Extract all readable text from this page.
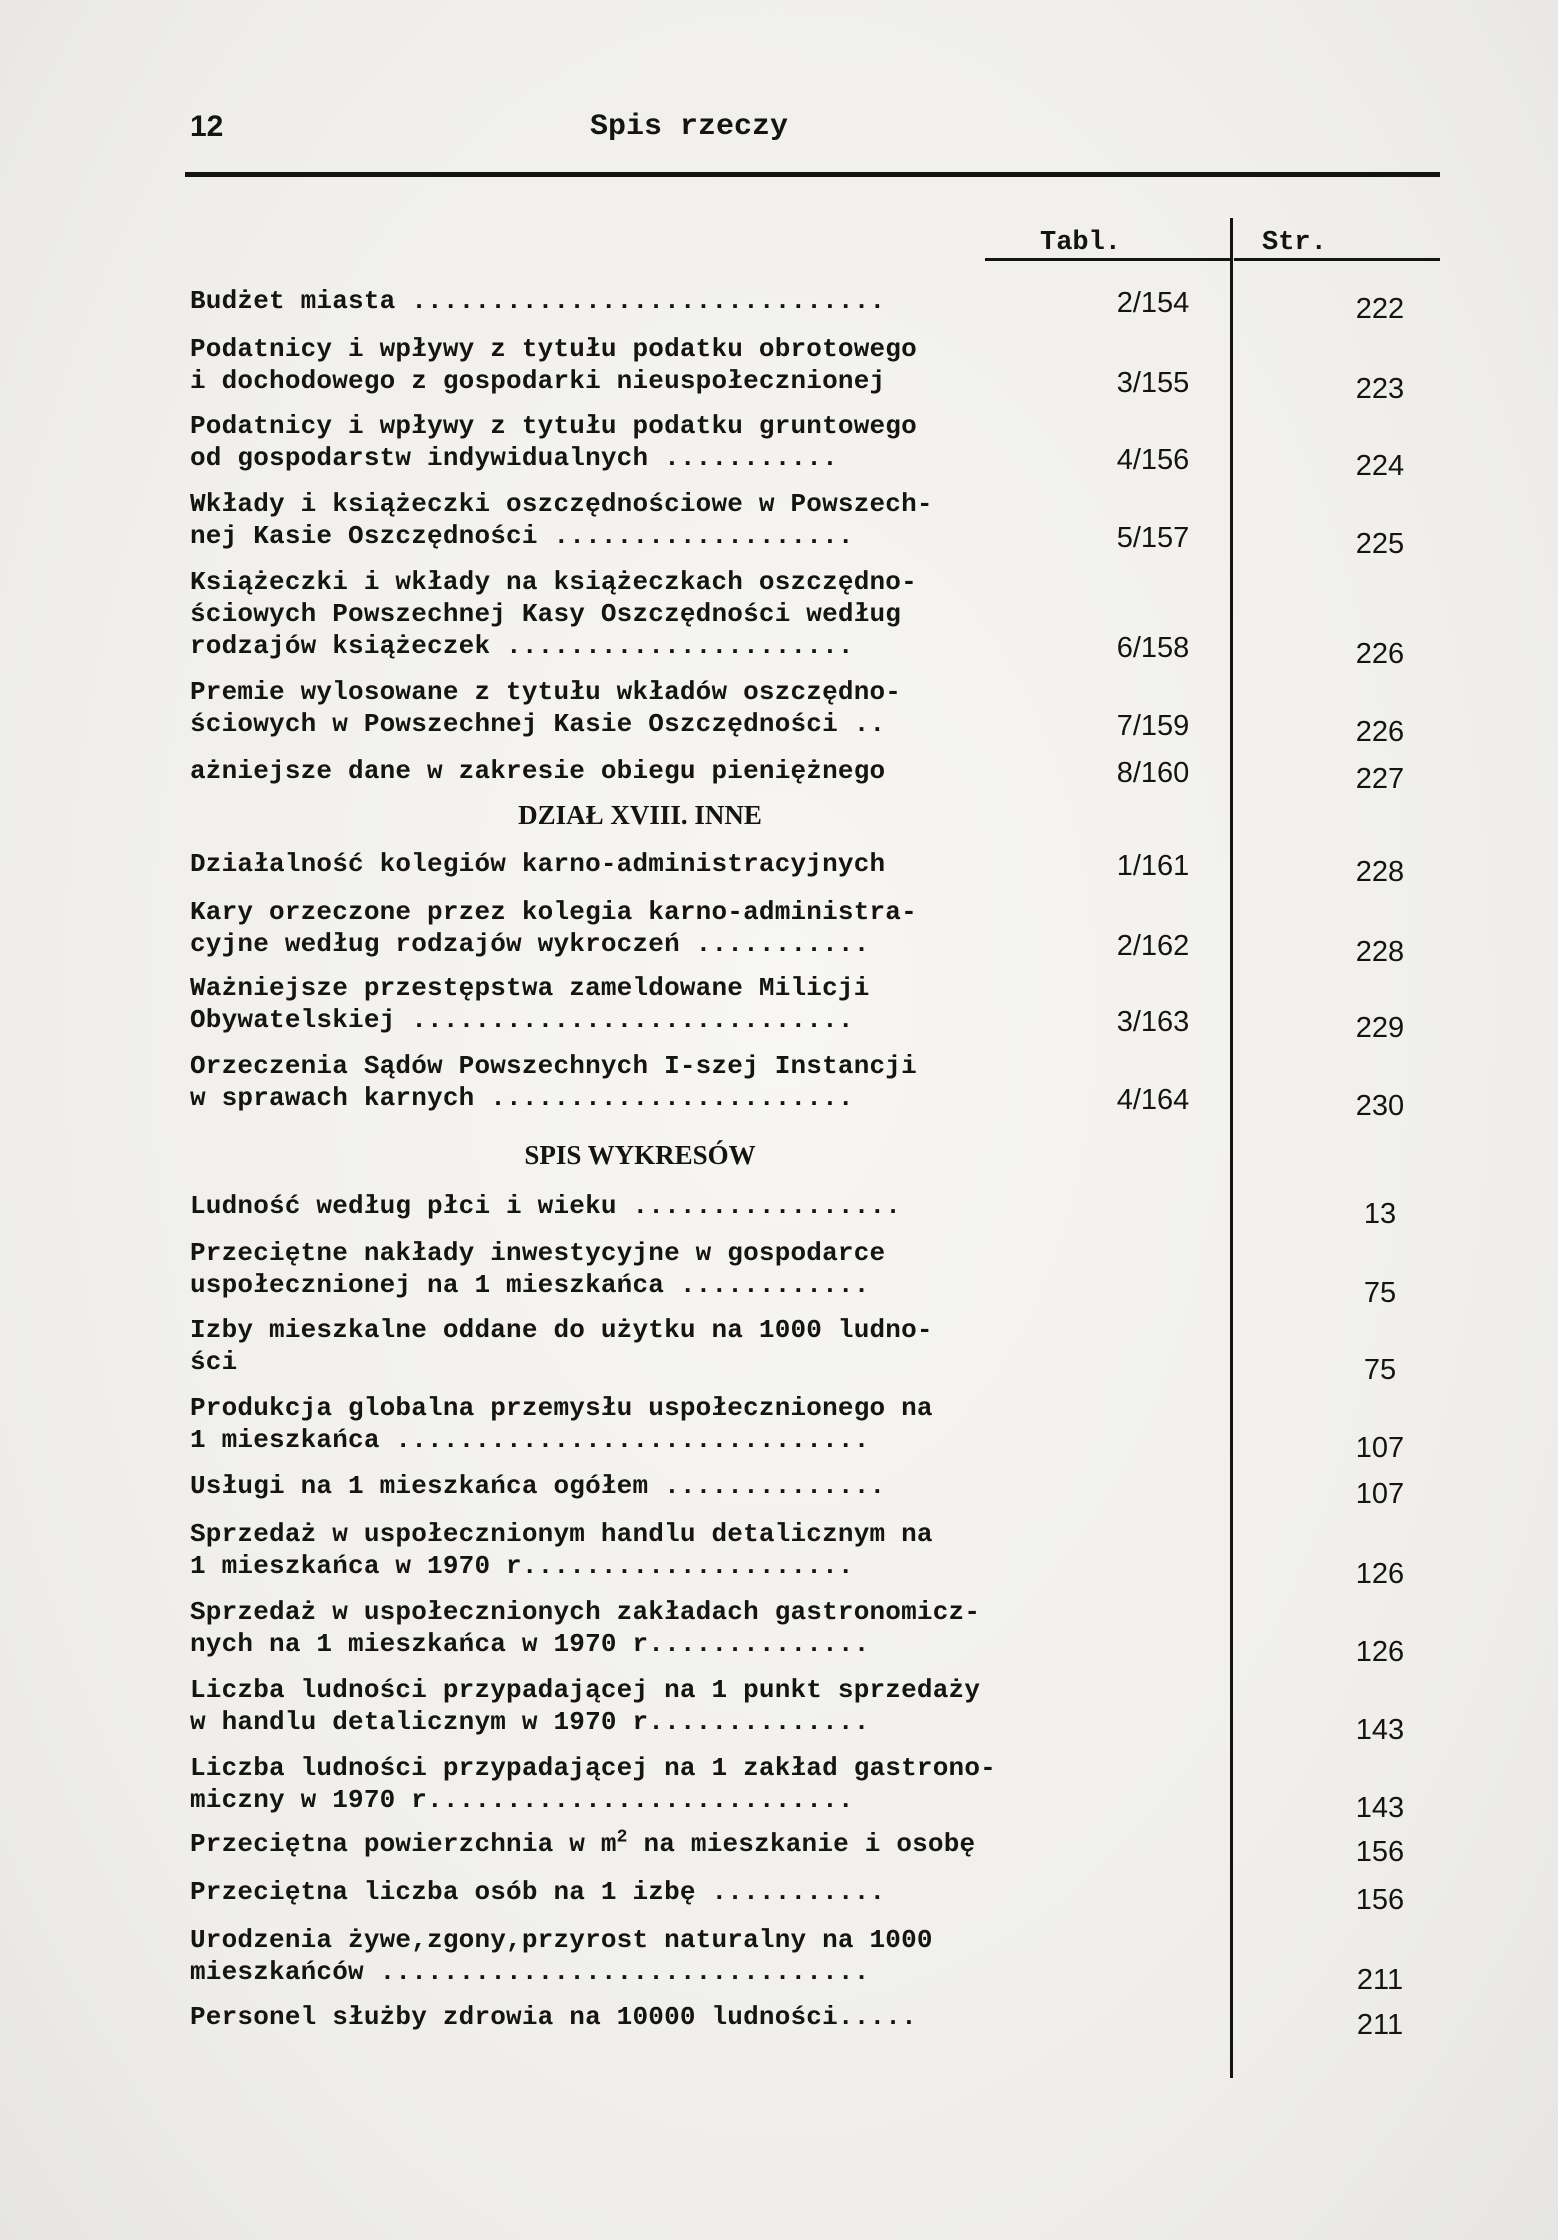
12	Spis rzeczy
Tabl.	Str.
Budżet miasta ..............................	2/154	222
Podatnicy i wpływy z tytułu podatku obrotowego
i dochodowego z gospodarki nieuspołecznionej	3/155	223
Podatnicy i wpływy z tytułu podatku gruntowego
od gospodarstw indywidualnych ...........	4/156	224
Wkłady i książeczki oszczędnościowe w Powszech-
nej Kasie Oszczędności ...................	5/157	225
Książeczki i wkłady na książeczkach oszczędno-
ściowych Powszechnej Kasy Oszczędności według
rodzajów książeczek ......................	6/158	226
Premie wylosowane z tytułu wkładów oszczędno-
ściowych w Powszechnej Kasie Oszczędności ..	7/159	226
ażniejsze dane w zakresie obiegu pieniężnego	8/160	227
DZIAŁ XVIII. INNE
Działalność kolegiów karno-administracyjnych	1/161	228
Kary orzeczone przez kolegia karno-administra-
cyjne według rodzajów wykroczeń ...........	2/162	228
Ważniejsze przestępstwa zameldowane Milicji
Obywatelskiej ............................	3/163	229
Orzeczenia Sądów Powszechnych I-szej Instancji
w sprawach karnych .......................	4/164	230
SPIS WYKRESÓW
Ludność według płci i wieku .................	13
Przeciętne nakłady inwestycyjne w gospodarce
uspołecznionej na 1 mieszkańca ............	75
Izby mieszkalne oddane do użytku na 1000 ludno-
ści	75
Produkcja globalna przemysłu uspołecznionego na
1 mieszkańca ..............................	107
Usługi na 1 mieszkańca ogółem ..............	107
Sprzedaż w uspołecznionym handlu detalicznym na
1 mieszkańca w 1970 r.....................	126
Sprzedaż w uspołecznionych zakładach gastronomicz-
nych na 1 mieszkańca w 1970 r..............	126
Liczba ludności przypadającej na 1 punkt sprzedaży
w handlu detalicznym w 1970 r..............	143
Liczba ludności przypadającej na 1 zakład gastrono-
miczny w 1970 r...........................	143
Przeciętna powierzchnia w $m^2$ na mieszkanie i osobę	156
Przeciętna liczba osób na 1 izbę ...........	156
Urodzenia żywe,zgony,przyrost naturalny na 1000
mieszkańców ...............................	211
Personel służby zdrowia na 10000 ludności.....	211
